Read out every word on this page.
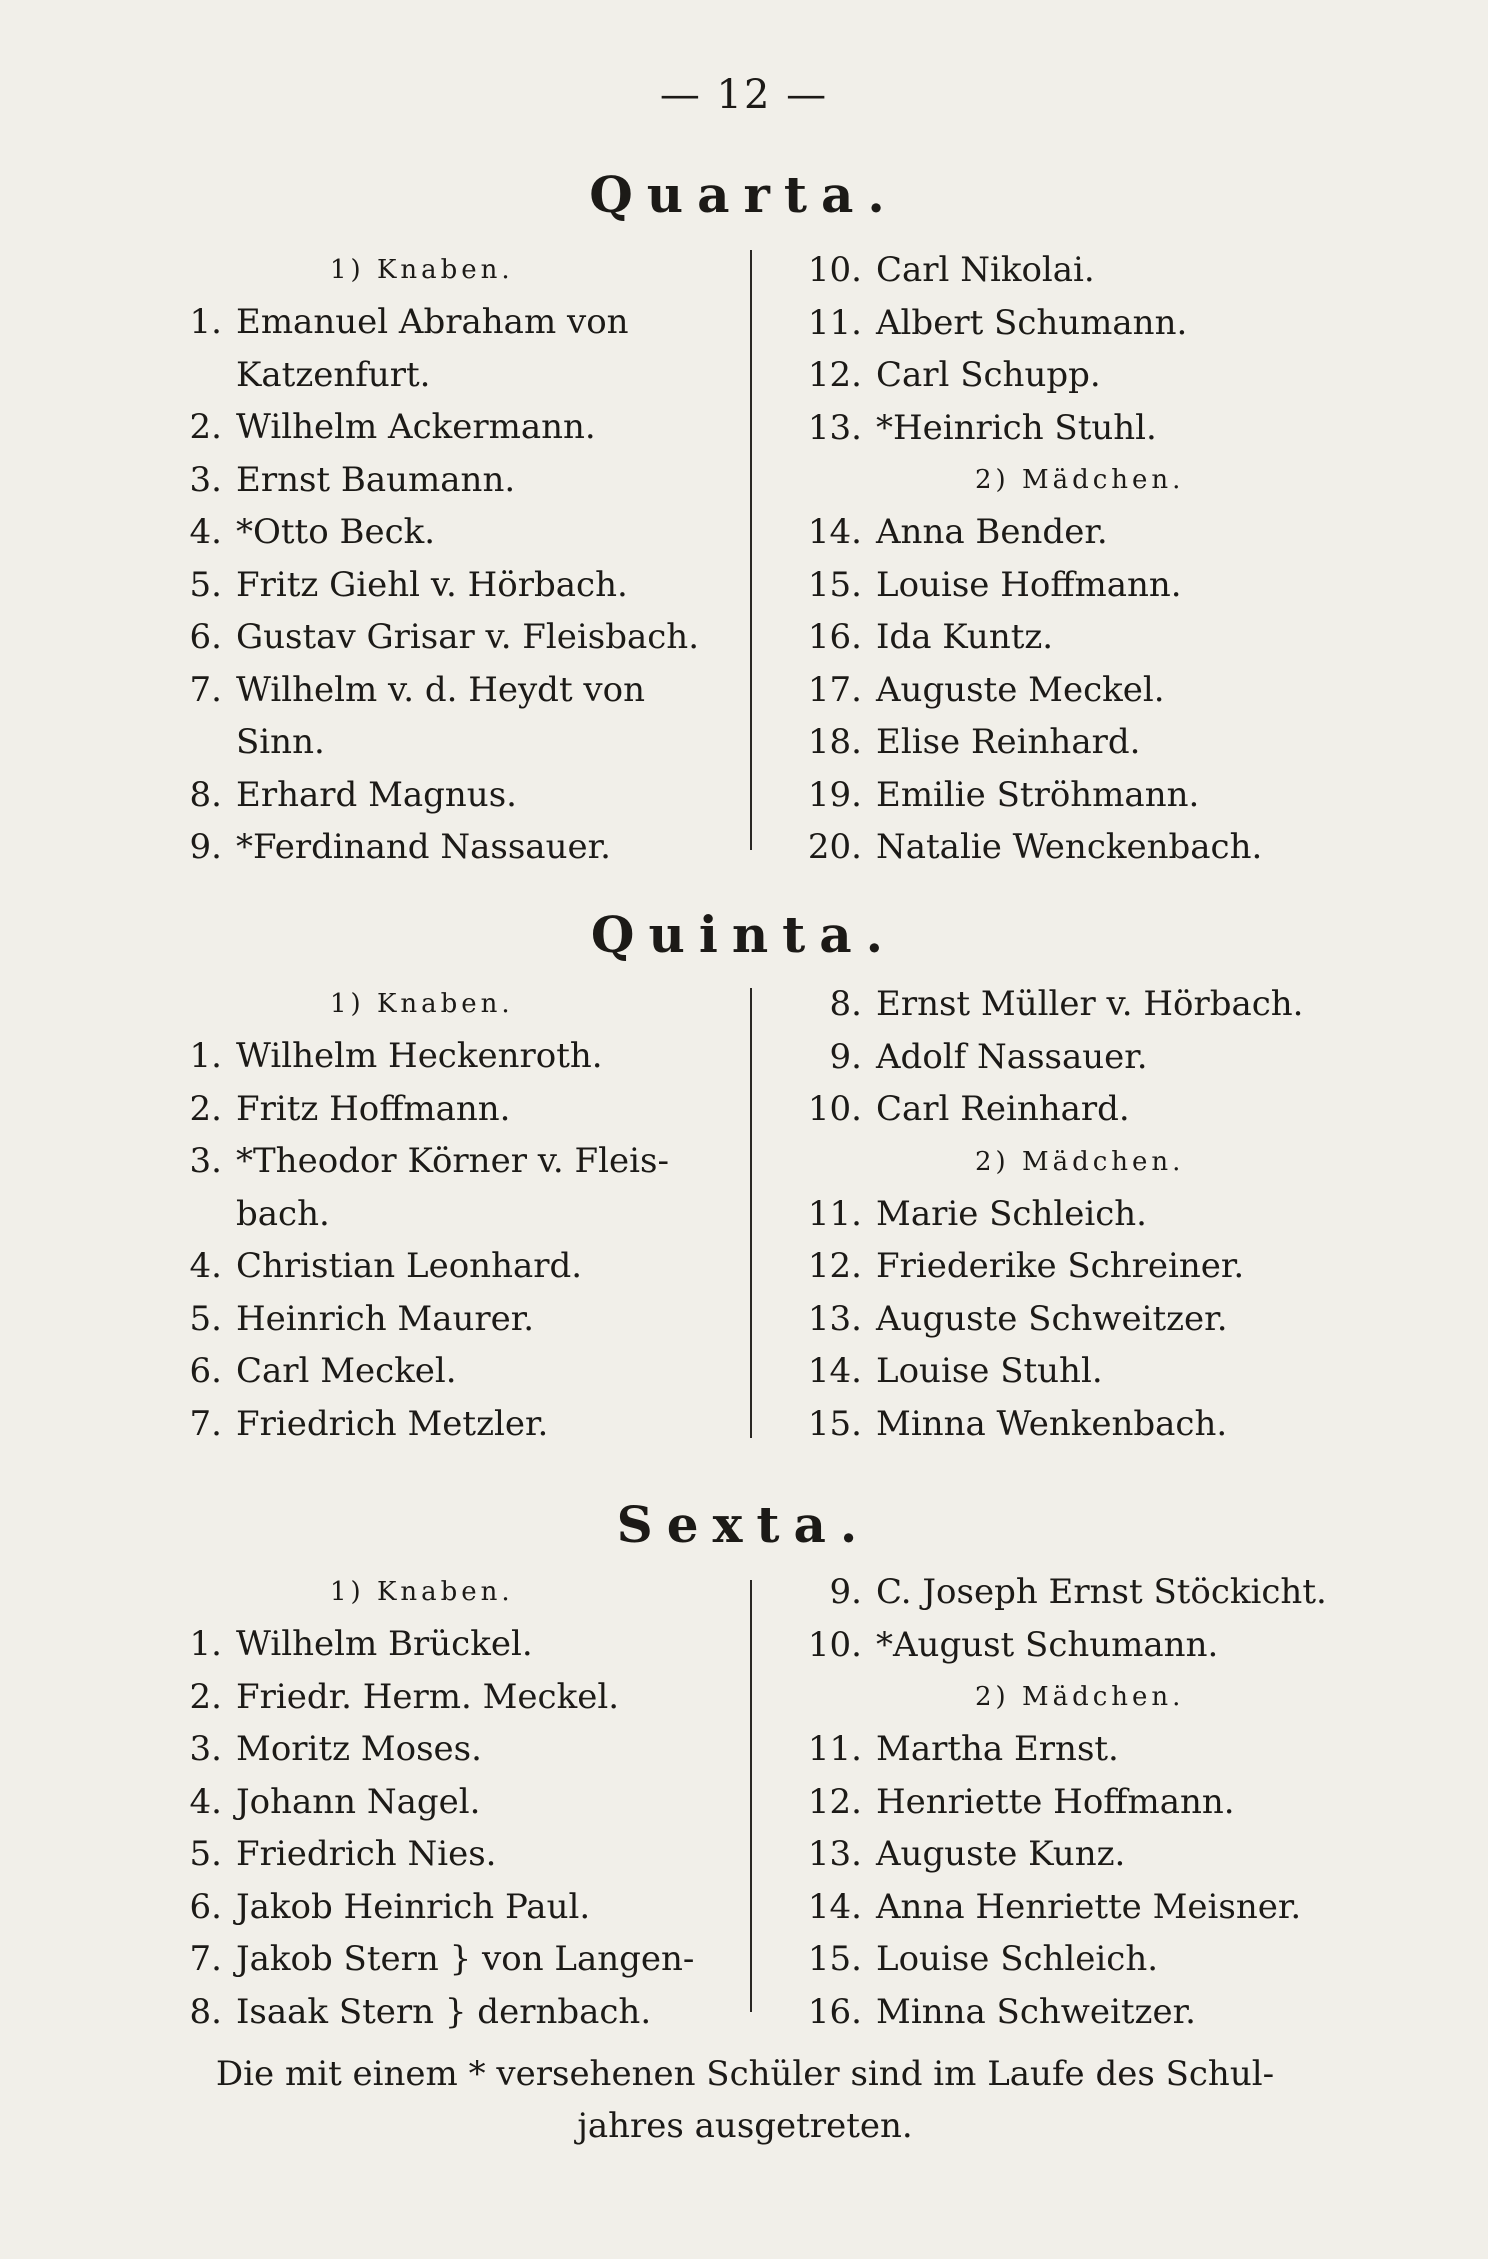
— 12 —
Quarta.
1) Knaben.
1. Emanuel Abraham von
Katzenfurt.
2. Wilhelm Ackermann.
3. Ernst Baumann.
4. *Otto Beck.
5. Fritz Giehl v. Hörbach.
6. Gustav Grisar v. Fleisbach.
7. Wilhelm v. d. Heydt von
Sinn.
8. Erhard Magnus.
9. *Ferdinand Nassauer.
10. Carl Nikolai.
11. Albert Schumann.
12. Carl Schupp.
13. *Heinrich Stuhl.
2) Mädchen.
14. Anna Bender.
15. Louise Hoffmann.
16. Ida Kuntz.
17. Auguste Meckel.
18. Elise Reinhard.
19. Emilie Ströhmann.
20. Natalie Wenckenbach.
Quinta.
1) Knaben.
1. Wilhelm Heckenroth.
2. Fritz Hoffmann.
3. *Theodor Körner v. Fleis-
bach.
4. Christian Leonhard.
5. Heinrich Maurer.
6. Carl Meckel.
7. Friedrich Metzler.
8. Ernst Müller v. Hörbach.
9. Adolf Nassauer.
10. Carl Reinhard.
2) Mädchen.
11. Marie Schleich.
12. Friederike Schreiner.
13. Auguste Schweitzer.
14. Louise Stuhl.
15. Minna Wenkenbach.
Sexta.
1) Knaben.
1. Wilhelm Brückel.
2. Friedr. Herm. Meckel.
3. Moritz Moses.
4. Johann Nagel.
5. Friedrich Nies.
6. Jakob Heinrich Paul.
7. Jakob Stern } von Langen-
8. Isaak Stern } dernbach.
9. C. Joseph Ernst Stöckicht.
10. *August Schumann.
2) Mädchen.
11. Martha Ernst.
12. Henriette Hoffmann.
13. Auguste Kunz.
14. Anna Henriette Meisner.
15. Louise Schleich.
16. Minna Schweitzer.
Die mit einem * versehenen Schüler sind im Laufe des Schul-
jahres ausgetreten.
